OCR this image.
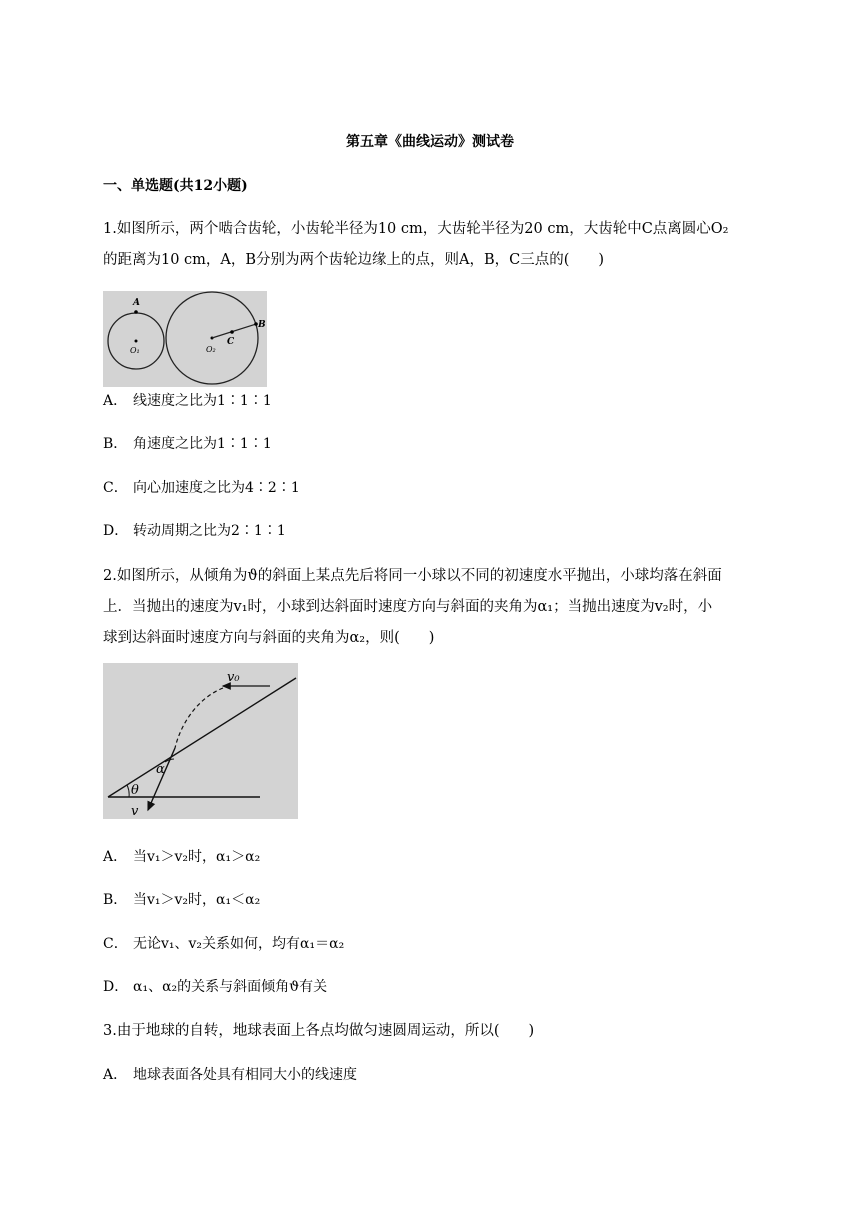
第五章《曲线运动》测试卷
一、单选题(共12小题)
1.如图所示，两个啮合齿轮，小齿轮半径为10 cm，大齿轮半径为20 cm，大齿轮中C点离圆心O₂
的距离为10 cm，A，B分别为两个齿轮边缘上的点，则A，B，C三点的(　　)
A
O₁	O₂
C
B
A． 线速度之比为1∶1∶1
B． 角速度之比为1∶1∶1
C． 向心加速度之比为4∶2∶1
D． 转动周期之比为2∶1∶1
2.如图所示，从倾角为ϑ的斜面上某点先后将同一小球以不同的初速度水平抛出，小球均落在斜面
上．当抛出的速度为v₁时，小球到达斜面时速度方向与斜面的夹角为α₁；当抛出速度为v₂时，小
球到达斜面时速度方向与斜面的夹角为α₂，则(　　)
v₀
α
θ
v
A． 当v₁＞v₂时，α₁＞α₂
B． 当v₁＞v₂时，α₁＜α₂
C． 无论v₁、v₂关系如何，均有α₁＝α₂
D． α₁、α₂的关系与斜面倾角ϑ有关
3.由于地球的自转，地球表面上各点均做匀速圆周运动，所以(　　)
A． 地球表面各处具有相同大小的线速度
